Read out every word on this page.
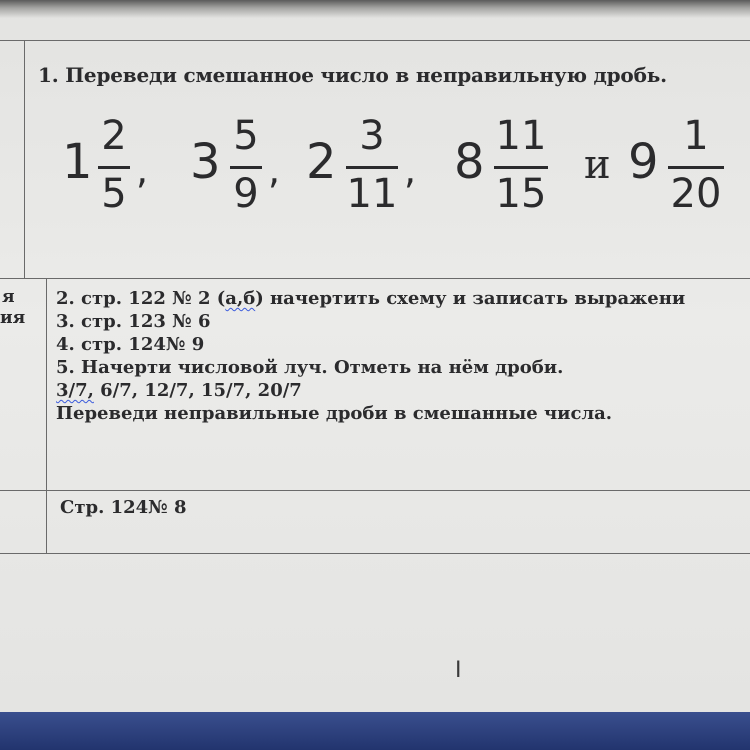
1. Переведи смешанное число в неправильную дробь.
1 2
5
, 3 5
9
, 2 3
11
, 8 11
15
и 9 1
20
я
ия
2. стр. 122 № 2 (а,б) начертить схему и записать выражени
3. стр. 123 № 6
4. стр. 124№ 9
5. Начерти числовой луч. Отметь на нём дроби.
3/7, 6/7, 12/7, 15/7, 20/7
Переведи неправильные дроби в смешанные числа.
Стр. 124№ 8
I
